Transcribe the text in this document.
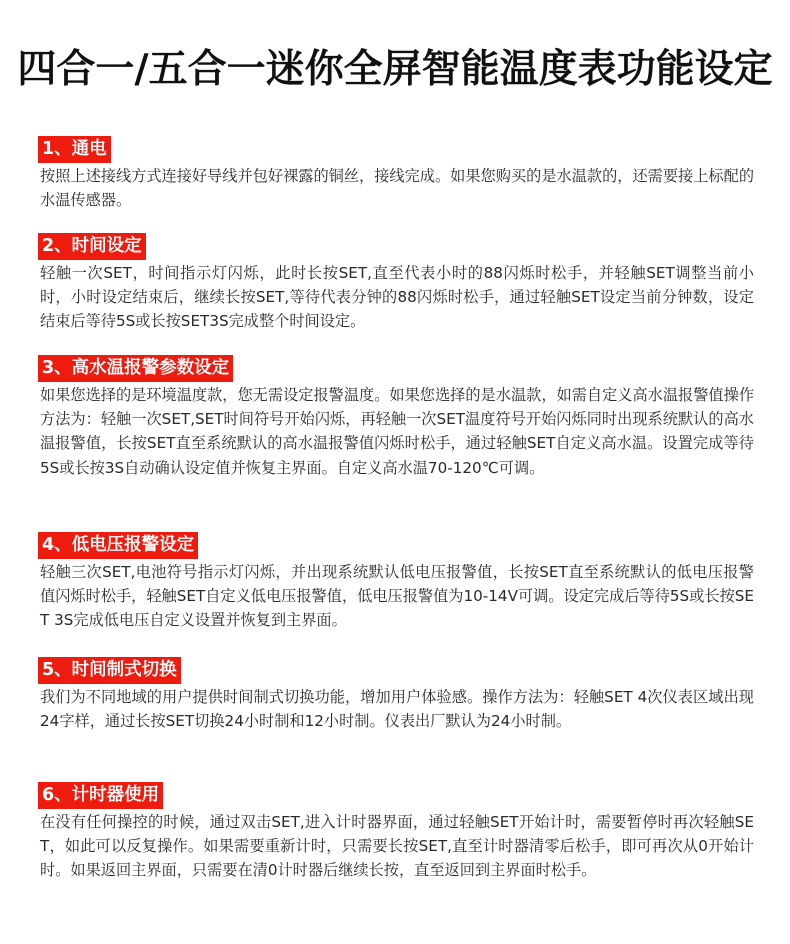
四合一/五合一迷你全屏智能温度表功能设定
1、通电

按照上述接线方式连接好导线并包好裸露的铜丝，接线完成。如果您购买的是水温款的，还需要接上标配的水温传感器。

2、时间设定

轻触一次SET，时间指示灯闪烁，此时长按SET,直至代表小时的88闪烁时松手，并轻触SET调整当前小时，小时设定结束后，继续长按SET,等待代表分钟的88闪烁时松手，通过轻触SET设定当前分钟数，设定结束后等待5S或长按SET3S完成整个时间设定。

3、高水温报警参数设定

如果您选择的是环境温度款，您无需设定报警温度。如果您选择的是水温款，如需自定义高水温报警值操作方法为：轻触一次SET,SET时间符号开始闪烁，再轻触一次SET温度符号开始闪烁同时出现系统默认的高水温报警值，长按SET直至系统默认的高水温报警值闪烁时松手，通过轻触SET自定义高水温。设置完成等待5S或长按3S自动确认设定值并恢复主界面。自定义高水温70-120℃可调。

4、低电压报警设定

轻触三次SET,电池符号指示灯闪烁，并出现系统默认低电压报警值，长按SET直至系统默认的低电压报警值闪烁时松手，轻触SET自定义低电压报警值，低电压报警值为10-14V可调。设定完成后等待5S或长按SET 3S完成低电压自定义设置并恢复到主界面。

5、时间制式切换

我们为不同地域的用户提供时间制式切换功能，增加用户体验感。操作方法为：轻触SET 4次仪表区域出现24字样，通过长按SET切换24小时制和12小时制。仪表出厂默认为24小时制。

6、计时器使用

在没有任何操控的时候，通过双击SET,进入计时器界面，通过轻触SET开始计时，需要暂停时再次轻触SET，如此可以反复操作。如果需要重新计时，只需要长按SET,直至计时器清零后松手，即可再次从0开始计时。如果返回主界面，只需要在清0计时器后继续长按，直至返回到主界面时松手。
